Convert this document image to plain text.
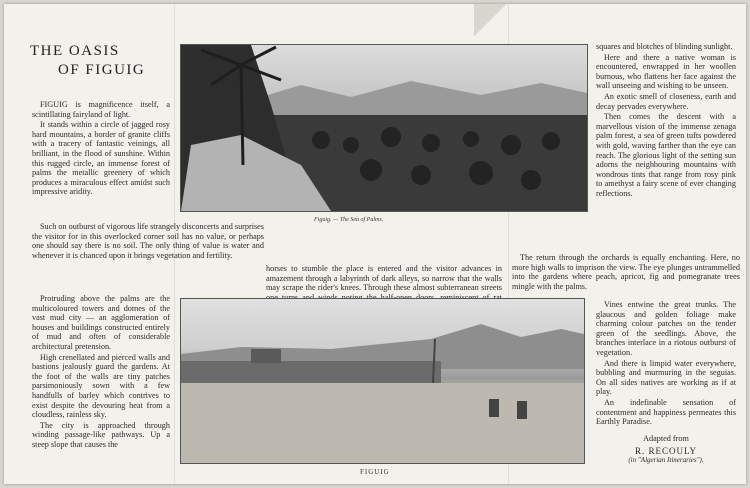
THE OASIS
OF FIGUIG

FIGUIG is magnificence itself, a scintillating fairyland of light.

It stands within a circle of jagged rosy hard mountains, a border of granite cliffs with a tracery of fantastic veinings, all brilliant, in the flood of sunshine. Within this rugged circle, an immense forest of palms the metallic greenery of which produces a miraculous effect amidst such impressive aridity.

Such on outburst of vigorous life strangely disconcerts and surprises the visitor for in this overlocked corner soil has no value, or perhaps one should say there is no soil. The only thing of value is water and whenever it is chanced upon it brings vegetation and fertility.

Protruding above the palms are the multicoloured towers and domes of the vast mud city — an agglomeration of houses and buildings constructed entirely of mud and often of considerable architectural pretension.

High crenellated and pierced walls and bastions jealously guard the gardens. At the foot of the walls are tiny patches parsimoniously sown with a few handfulls of barley which contrives to exist despite the devouring heat from a cloudless, rainless sky.

The city is approached through winding passage-like pathways. Up a steep slope that causes the

Figuig. — The Sea of Palms.

horses to stumble the place is entered and the visitor advances in amazement through a labyrinth of dark alleys, so narrow that the walls may scrape the rider's knees. Through these almost subterranean streets

FIGUIG

squares and blotches of blinding sunlight.

Here and there a native woman is encountered, enwrapped in her woollen burnous, who flattens her face against the wall unseeing and wishing to be unseen.

An exotic smell of closeness, earth and decay pervades everywhere.

Then comes the descent with a marvellous vision of the immense zenaga palm forest, a sea of green tufts powdered with gold, waving farther than the eye can reach. The glorious light of the setting sun adorns the neighbouring mountains with wondrous tints that range from rosy pink to amethyst a fairy scene of ever changing reflections.

The return through the orchards is equally enchanting. Here, no more high walls to imprison the view. The eye plunges untrammelled into the gardens where peach, apricot, fig and pomegranate trees mingle with the palms.

Vines entwine the great trunks. The glaucous and golden foliage make charming colour patches on the tender green of the seedlings. Above, the branches interlace in a riotous outburst of vegetation.

And there is limpid water everywhere, bubbling and murmuring in the seguias. On all sides natives are working as if at play.

An indefinable sensation of contentment and happiness permeates this Earthly Paradise.

Adapted from
R. RECOULY
(in "Algerian Itineraries").
